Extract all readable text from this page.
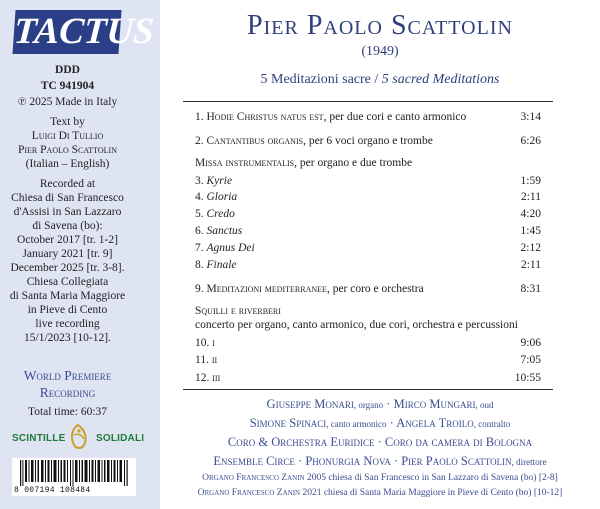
TACTUS
DDD
TC 941904
℗ 2025 Made in Italy
Text by
Luigi Di Tullio
Pier Paolo Scattolin
(Italian – English)
Recorded at
Chiesa di San Francesco
d'Assisi in San Lazzaro
di Savena (bo):
October 2017 [tr. 1-2]
January 2021 [tr. 9]
December 2025 [tr. 3-8].
Chiesa Collegiata
di Santa Maria Maggiore
in Pieve di Cento
live recording
15/1/2023 [10-12].
World Premiere
Recording
Total time: 60:37
SCINTILLE	SOLIDALI
8 007194 108484
Pier Paolo Scattolin
(1949)
5 Meditazioni sacre / 5 sacred Meditations
1. Hodie Christus natus est, per due cori e canto armonico	3:14
2. Cantantibus organis, per 6 voci organo e trombe	6:26
Missa instrumentalis, per organo e due trombe
3. Kyrie	1:59
4. Gloria	2:11
5. Credo	4:20
6. Sanctus	1:45
7. Agnus Dei	2:12
8. Finale	2:11
9. Meditazioni mediterranee, per coro e orchestra	8:31
Squilli e riverberi
concerto per organo, canto armonico, due cori, orchestra e percussioni
10. i	9:06
11. ii	7:05
12. iii	10:55
Giuseppe Monari, organo · Mirco Mungari, oud
Simone Spinaci, canto armonico · Angela Troilo, contralto
Coro & Orchestra Euridice · Coro da camera di Bologna
Ensemble Circe · Phonurgia Nova · Pier Paolo Scattolin, direttore
Organo Francesco Zanin 2005 chiesa di San Francesco in San Lazzaro di Savena (bo) [2-8]
Organo Francesco Zanin 2021 chiesa di Santa Maria Maggiore in Pieve di Cento (bo) [10-12]
